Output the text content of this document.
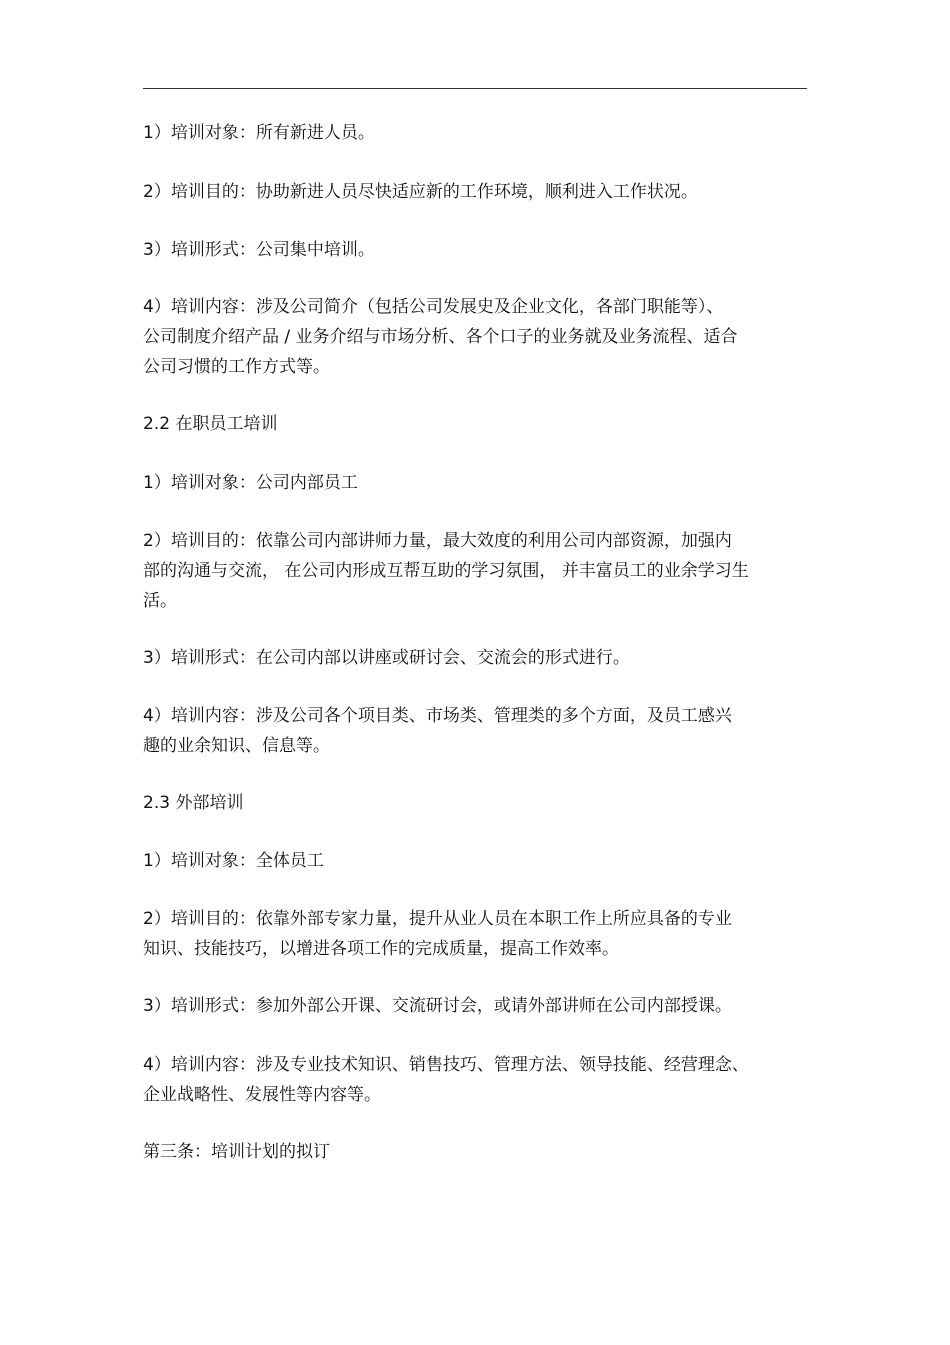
1）培训对象：所有新进人员。
2）培训目的：协助新进人员尽快适应新的工作环境，顺利进入工作状况。
3）培训形式：公司集中培训。
4）培训内容：涉及公司简介（包括公司发展史及企业文化，各部门职能等）、
公司制度介绍产品 / 业务介绍与市场分析、各个口子的业务就及业务流程、适合
公司习惯的工作方式等。
2.2 在职员工培训
1）培训对象：公司内部员工
2）培训目的：依靠公司内部讲师力量，最大效度的利用公司内部资源，加强内
部的沟通与交流， 在公司内形成互帮互助的学习氛围， 并丰富员工的业余学习生
活。
3）培训形式：在公司内部以讲座或研讨会、交流会的形式进行。
4）培训内容：涉及公司各个项目类、市场类、管理类的多个方面，及员工感兴
趣的业余知识、信息等。
2.3 外部培训
1）培训对象：全体员工
2）培训目的：依靠外部专家力量，提升从业人员在本职工作上所应具备的专业
知识、技能技巧，以增进各项工作的完成质量，提高工作效率。
3）培训形式：参加外部公开课、交流研讨会，或请外部讲师在公司内部授课。
4）培训内容：涉及专业技术知识、销售技巧、管理方法、领导技能、经营理念、
企业战略性、发展性等内容等。
第三条：培训计划的拟订
